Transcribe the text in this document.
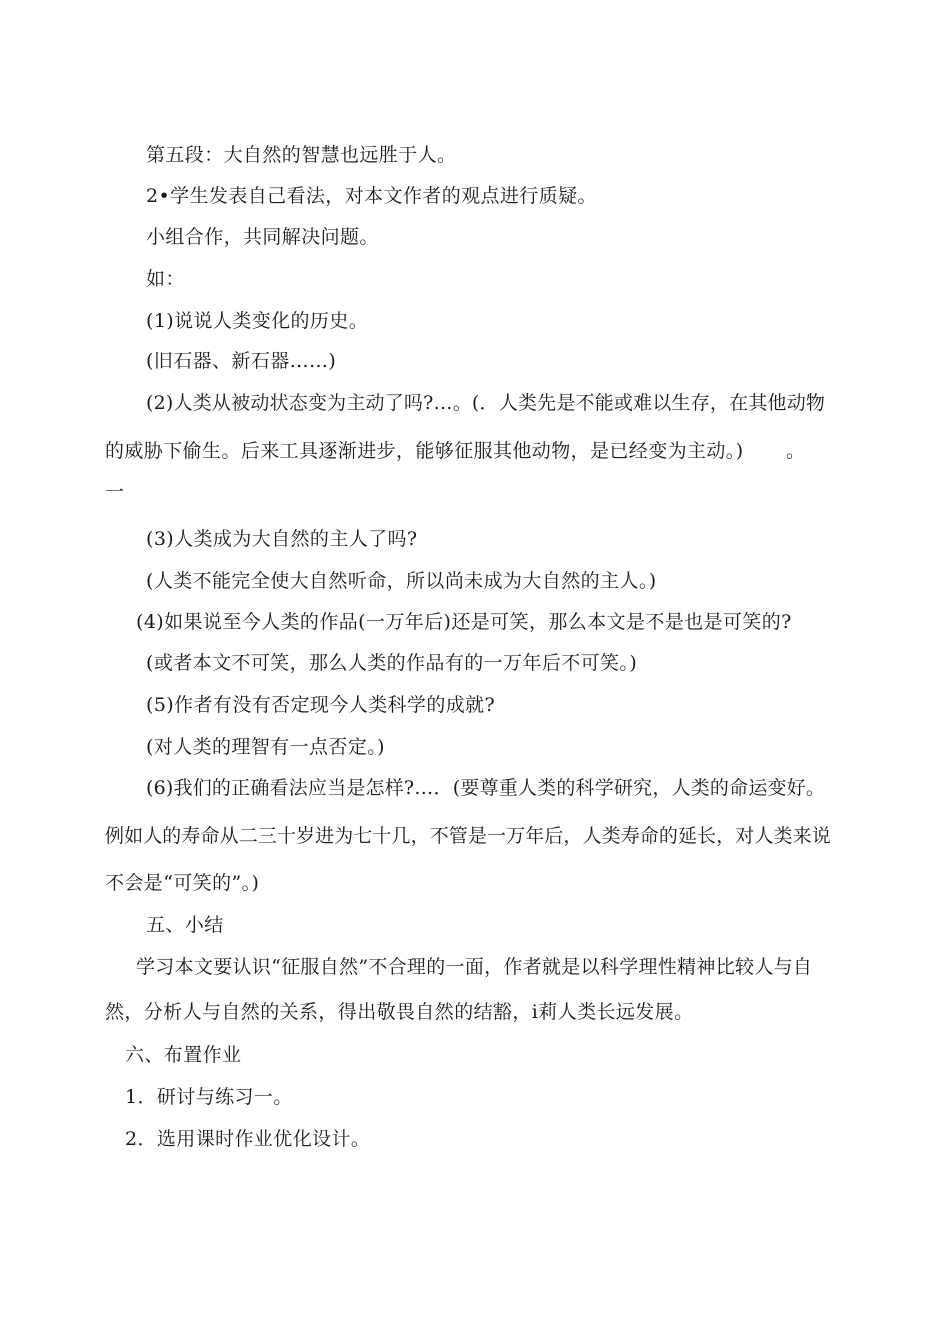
第五段：大自然的智慧也远胜于人。
2•学生发表自己看法，对本文作者的观点进行质疑。
小组合作，共同解决问题。
如：
(1)说说人类变化的历史。
(旧石器、新石器……)
(2)人类从被动状态变为主动了吗?…。(．人类先是不能或难以生存，在其他动物
的威胁下偷生。后来工具逐渐进步，能够征服其他动物，是已经变为主动。) 。
一
(3)人类成为大自然的主人了吗?
(人类不能完全使大自然听命，所以尚未成为大自然的主人。)
(4)如果说至今人类的作品(一万年后)还是可笑，那么本文是不是也是可笑的?
(或者本文不可笑，那么人类的作品有的一万年后不可笑。)
(5)作者有没有否定现今人类科学的成就?
(对人类的理智有一点否定。)
(6)我们的正确看法应当是怎样?…．(要尊重人类的科学研究，人类的命运变好。
例如人的寿命从二三十岁进为七十几，不管是一万年后，人类寿命的延长，对人类来说
不会是“可笑的”。)
五、小结
学习本文要认识“征服自然”不合理的一面，作者就是以科学理性精神比较人与自
然，分析人与自然的关系，得出敬畏自然的结豁，i莉人类长远发展。
六、布置作业
1．研讨与练习一。
2．选用课时作业优化设计。
